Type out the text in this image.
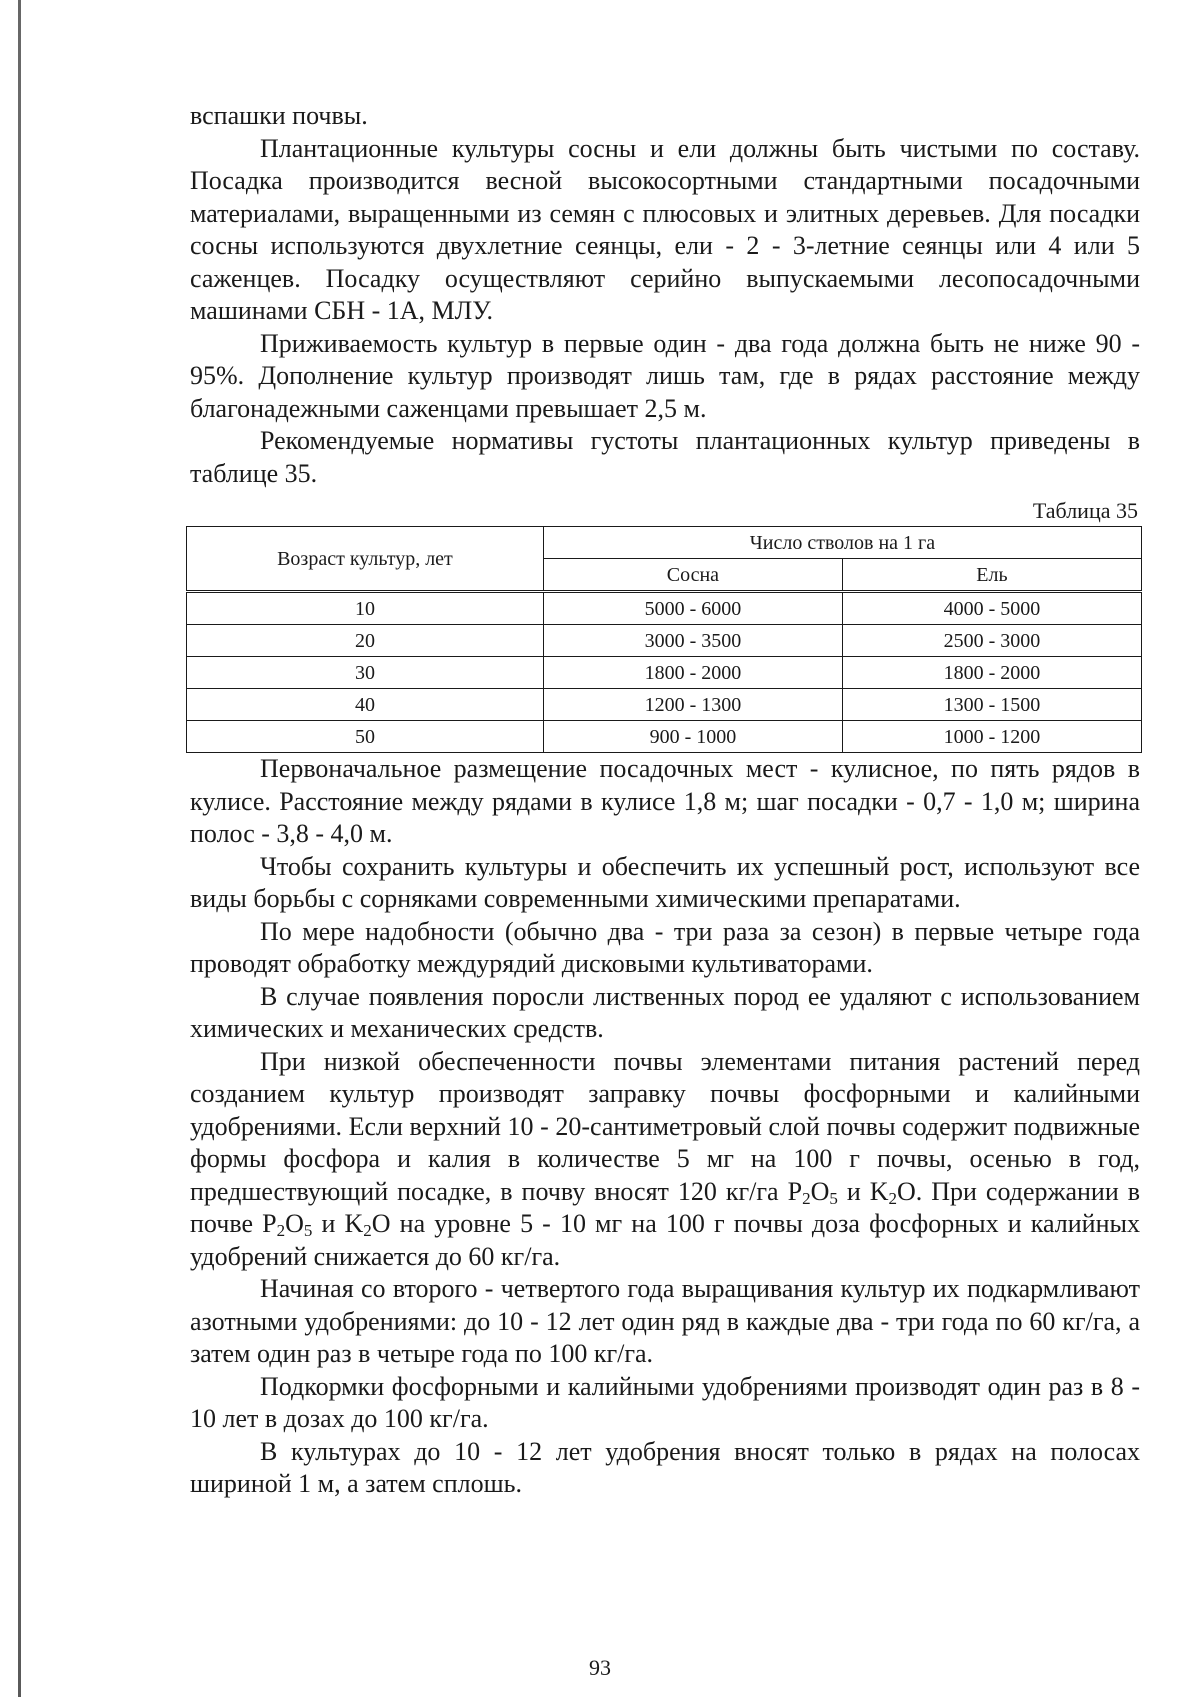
вспашки почвы.

Плантационные культуры сосны и ели должны быть чистыми по составу. Посадка производится весной высокосортными стандартными посадочными материалами, выращенными из семян с плюсовых и элитных деревьев. Для посадки сосны используются двухлетние сеянцы, ели - 2 - 3-летние сеянцы или 4 или 5 саженцев. Посадку осуществляют серийно выпускаемыми лесопосадочными машинами СБН - 1А, МЛУ.

Приживаемость культур в первые один - два года должна быть не ниже 90 - 95%. Дополнение культур производят лишь там, где в рядах расстояние между благонадежными саженцами превышает 2,5 м.

Рекомендуемые нормативы густоты плантационных культур приведены в таблице 35.

Таблица 35
Возраст культур, лет	Число стволов на 1 га	
	Сосна	Ель
10	5000 - 6000	4000 - 5000
20	3000 - 3500	2500 - 3000
30	1800 - 2000	1800 - 2000
40	1200 - 1300	1300 - 1500
50	900 - 1000	1000 - 1200

Первоначальное размещение посадочных мест - кулисное, по пять рядов в кулисе. Расстояние между рядами в кулисе 1,8 м; шаг посадки - 0,7 - 1,0 м; ширина полос - 3,8 - 4,0 м.

Чтобы сохранить культуры и обеспечить их успешный рост, используют все виды борьбы с сорняками современными химическими препаратами.

По мере надобности (обычно два - три раза за сезон) в первые четыре года проводят обработку междурядий дисковыми культиваторами.

В случае появления поросли лиственных пород ее удаляют с использованием химических и механических средств.

При низкой обеспеченности почвы элементами питания растений перед созданием культур производят заправку почвы фосфорными и калийными удобрениями. Если верхний 10 - 20-сантиметровый слой почвы содержит подвижные формы фосфора и калия в количестве 5 мг на 100 г почвы, осенью в год, предшествующий посадке, в почву вносят 120 кг/га $P_2O_5$ и $K_2O$. При содержании в почве $P_2O_5$ и $K_2O$ на уровне 5 - 10 мг на 100 г почвы доза фосфорных и калийных удобрений снижается до 60 кг/га.

Начиная со второго - четвертого года выращивания культур их подкармливают азотными удобрениями: до 10 - 12 лет один ряд в каждые два - три года по 60 кг/га, а затем один раз в четыре года по 100 кг/га.

Подкормки фосфорными и калийными удобрениями производят один раз в 8 - 10 лет в дозах до 100 кг/га.

В культурах до 10 - 12 лет удобрения вносят только в рядах на полосах шириной 1 м, а затем сплошь.

93
